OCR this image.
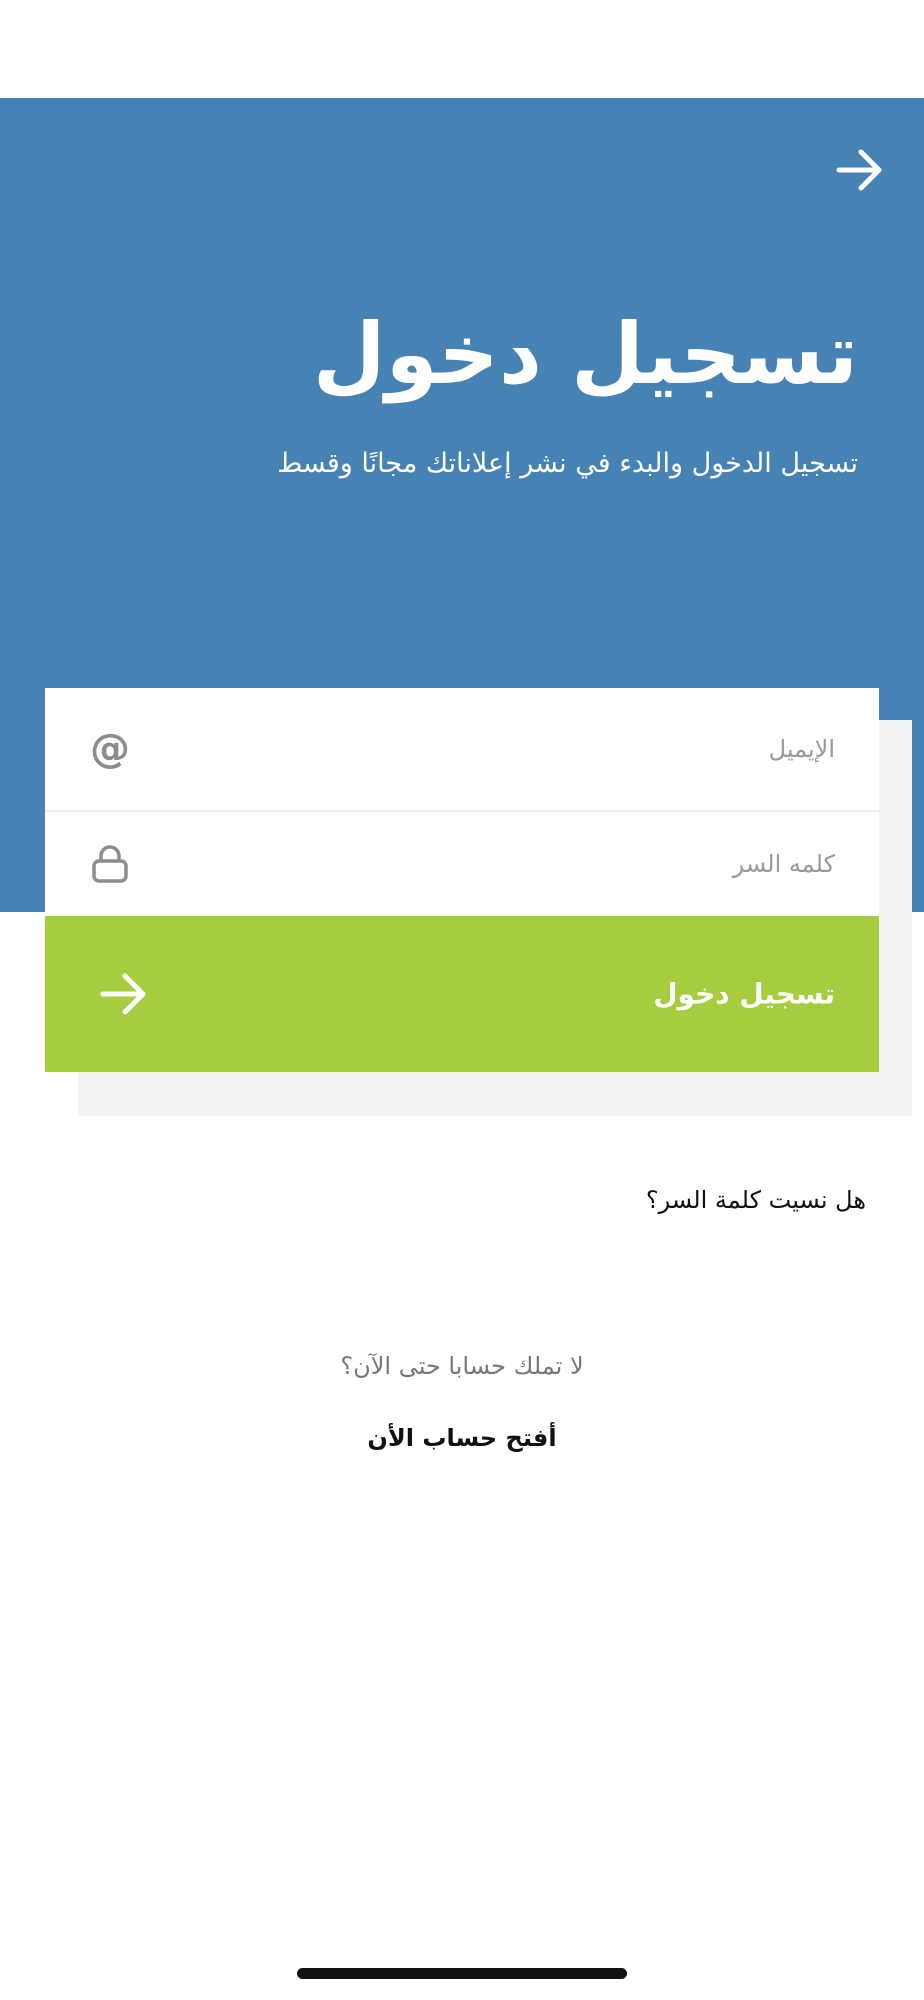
تسجيل دخول

تسجيل الدخول والبدء في نشر إعلاناتك مجانًا وقسط

الإيميل
@
تسجيل دخول
هل نسيت كلمة السر؟
لا تملك حسابا حتى الآن؟
أفتح حساب الأن
